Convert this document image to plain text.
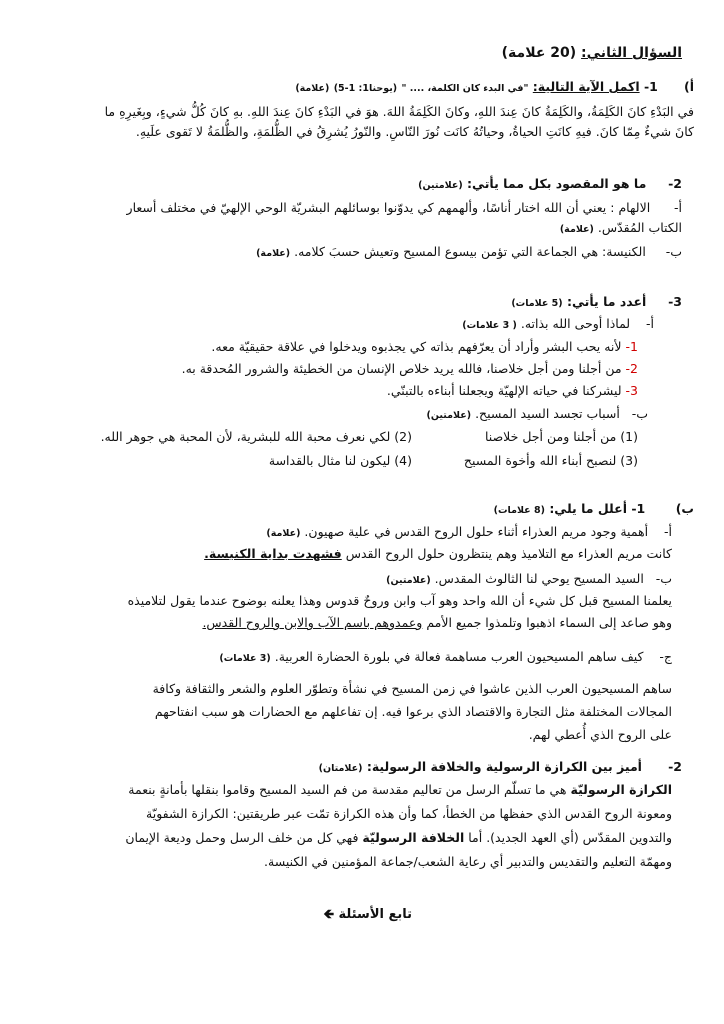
السؤال الثاني: (20 علامة)
أ)      1- اكمل الآية التالية: "في البدء كان الكلمة، .... " (يوحنا1: 1-5) (علامة)
في البَدْءِ كانَ الكَلِمَةُ، والكَلِمَةُ كانَ عِندَ اللهِ، وكانَ الكَلِمَةُ اللهَ. هوَ في البَدْءِ كانَ عِندَ اللهِ. بهِ كانَ كُلُّ شيءٍ، وبِغَيرِهِ ما
كانَ شيءٌ مِمّا كانَ. فيهِ كانَتِ الحياةُ، وحياتُهُ كانَت نُورَ النّاسِ. والنّورُ يُشرِقُ في الظُّلمَةِ، والظُّلمَةُ لا تَقوى علَيهِ.
2-     ما هو المقصود بكل مما يأتي: (علامتين)
أ-      الالهام : يعني أن الله اختار أناسًا، وألهمهم كي يدوّنوا بوسائلهم البشريّة الوحي الإلهيّ في مختلف أسعار
الكتاب المُقدّس. (علامة)
ب-     الكنيسة: هي الجماعة التي تؤمن بيسوع المسيح وتعيش حسبَ كلامه. (علامة)
3-     أعدد ما يأتي: (5 علامات)
أ-    لماذا أوحى الله بذاته. ( 3 علامات)
1- لأنه يحب البشر وأراد أن يعرّفهم بذاته كي يجذبوه ويدخلوا في علاقة حقيقيّة معه.
2- من أجلنا ومن أجل خلاصنا، فالله يريد خلاص الإنسان من الخطيئة والشرور المُحدقة به.
3- ليشركنا في حياته الإلهيّة ويجعلنا أبناءه بالتبنّي.
ب-   أسباب تجسد السيد المسيح. (علامتين)
(1) من أجلنا ومن أجل خلاصنا
(2) لكي نعرف محبة الله للبشرية، لأن المحبة هي جوهر الله.
(3) لنصبح أبناء الله وأخوة المسيح
(4) ليكون لنا مثال بالقداسة
ب)       1- أعلل ما يلي: (8 علامات)
أ-    أهمية وجود مريم العذراء أثناء حلول الروح القدس في علية صهيون. (علامة)
كانت مريم العذراء مع التلاميذ وهم ينتظرون حلول الروح القدس فشهدت بداية الكنيسة.
ب-   السيد المسيح يوحي لنا الثالوث المقدس. (علامتين)
يعلمنا المسيح قبل كل شيء أن الله واحد وهو آب وابن وروحٌ قدوس وهذا يعلنه بوضوح عندما يقول لتلاميذه
وهو صاعد إلى السماء اذهبوا وتلمذوا جميع الأمم وعمدوهم باسم الآب والابن والروح القدس.
ج-    كيف ساهم المسيحيون العرب مساهمة فعالة في بلورة الحضارة العربية. (3 علامات)
ساهم المسيحيون العرب الذين عاشوا في زمن المسيح في نشأة وتطوّر العلوم والشعر والثقافة وكافة
المجالات المختلفة مثل التجارة والاقتصاد الذي برعوا فيه. إن تفاعلهم مع الحضارات هو سبب انفتاحهم
على الروح الذي أُعطي لهم.
2-      أميز بين الكرازة الرسولية والخلافة الرسولية: (علامتان)
الكرازة الرسوليّة هي ما تسلّم الرسل من تعاليم مقدسة من فم السيد المسيح وقاموا بنقلها بأمانةٍ بنعمة
ومعونة الروح القدس الذي حفظها من الخطأ، كما وأن هذه الكرازة تمّت عبر طريقتين: الكرازة الشفويّة
والتدوين المقدّس (أي العهد الجديد). أما الخلافة الرسوليّة فهي كل من خلف الرسل وحمل وديعة الإيمان
ومهمّة التعليم والتقديس والتدبير أي رعاية الشعب/جماعة المؤمنين في الكنيسة.
تابع الأسئلة 🡸
